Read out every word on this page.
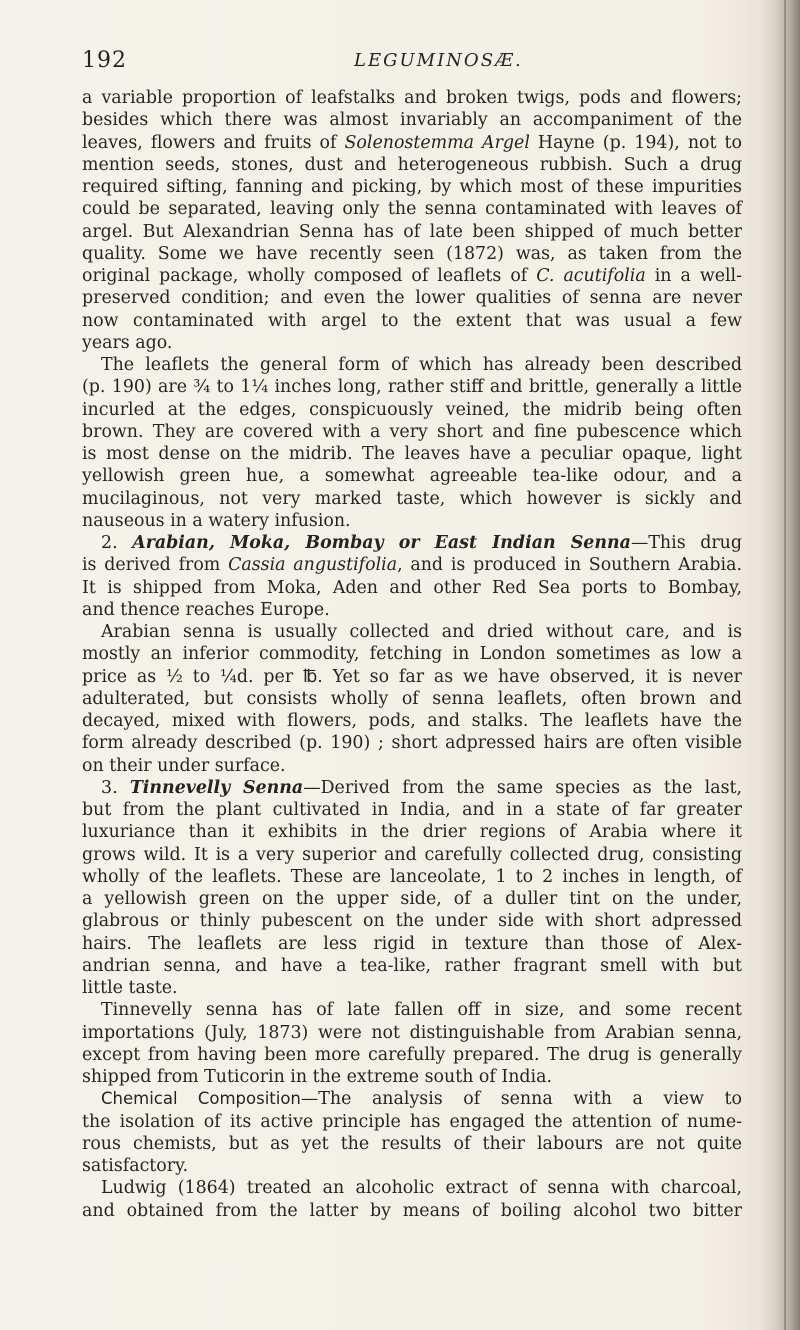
192	LEGUMINOSÆ.
a variable proportion of leafstalks and broken twigs, pods and flowers;
besides which there was almost invariably an accompaniment of the
leaves, flowers and fruits of Solenostemma Argel Hayne (p. 194), not to
mention seeds, stones, dust and heterogeneous rubbish. Such a drug
required sifting, fanning and picking, by which most of these impurities
could be separated, leaving only the senna contaminated with leaves of
argel. But Alexandrian Senna has of late been shipped of much better
quality. Some we have recently seen (1872) was, as taken from the
original package, wholly composed of leaflets of C. acutifolia in a well-
preserved condition; and even the lower qualities of senna are never
now contaminated with argel to the extent that was usual a few
years ago.
The leaflets the general form of which has already been described
(p. 190) are ¾ to 1¼ inches long, rather stiff and brittle, generally a little
incurled at the edges, conspicuously veined, the midrib being often
brown. They are covered with a very short and fine pubescence which
is most dense on the midrib. The leaves have a peculiar opaque, light
yellowish green hue, a somewhat agreeable tea-like odour, and a
mucilaginous, not very marked taste, which however is sickly and
nauseous in a watery infusion.
2. Arabian, Moka, Bombay or East Indian Senna—This drug
is derived from Cassia angustifolia, and is produced in Southern Arabia.
It is shipped from Moka, Aden and other Red Sea ports to Bombay,
and thence reaches Europe.
Arabian senna is usually collected and dried without care, and is
mostly an inferior commodity, fetching in London sometimes as low a
price as ½ to ¼d. per ℔. Yet so far as we have observed, it is never
adulterated, but consists wholly of senna leaflets, often brown and
decayed, mixed with flowers, pods, and stalks. The leaflets have the
form already described (p. 190) ; short adpressed hairs are often visible
on their under surface.
3. Tinnevelly Senna—Derived from the same species as the last,
but from the plant cultivated in India, and in a state of far greater
luxuriance than it exhibits in the drier regions of Arabia where it
grows wild. It is a very superior and carefully collected drug, consisting
wholly of the leaflets. These are lanceolate, 1 to 2 inches in length, of
a yellowish green on the upper side, of a duller tint on the under,
glabrous or thinly pubescent on the under side with short adpressed
hairs. The leaflets are less rigid in texture than those of Alex-
andrian senna, and have a tea-like, rather fragrant smell with but
little taste.
Tinnevelly senna has of late fallen off in size, and some recent
importations (July, 1873) were not distinguishable from Arabian senna,
except from having been more carefully prepared. The drug is generally
shipped from Tuticorin in the extreme south of India.
Chemical Composition—The analysis of senna with a view to
the isolation of its active principle has engaged the attention of nume-
rous chemists, but as yet the results of their labours are not quite
satisfactory.
Ludwig (1864) treated an alcoholic extract of senna with charcoal,
and obtained from the latter by means of boiling alcohol two bitter
